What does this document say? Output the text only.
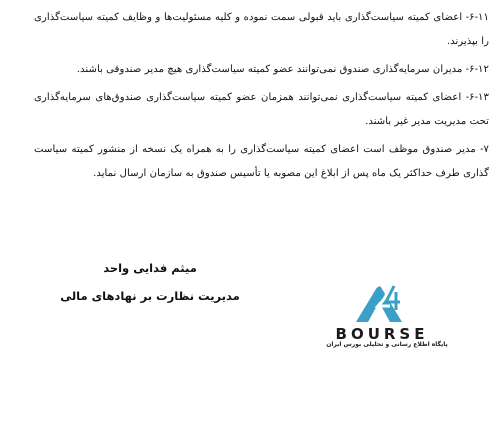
۶-۱۱- اعضای کمیته سیاست‌گذاری باید قبولی سمت نموده و کلیه مسئولیت‌ها و وظایف کمیته سیاست‌گذاری را بپذیرند.

۶-۱۲- مدیران سرمایه‌گذاری صندوق نمی‌توانند عضو کمیته سیاست‌گذاری هیچ مدیر صندوقی باشند.

۶-۱۳- اعضای کمیته سیاست‌گذاری نمی‌توانند همزمان عضو کمیته سیاست‌گذاری صندوق‌های سرمایه‌گذاری تحت مدیریت مدیر غیر باشند.

۷- مدیر صندوق موظف است اعضای کمیته سیاست‌گذاری را به همراه یک نسخه از منشور کمیته سیاست گذاری طرف حداکثر یک ماه پس از ابلاغ این مصوبه یا تأسیس صندوق به سازمان ارسال نماید.

میثم فدایی واحد
مدیریت نظارت بر نهادهای مالی
BOURSE
پایگاه اطلاع رسانی و تحلیلی بورس ایران
